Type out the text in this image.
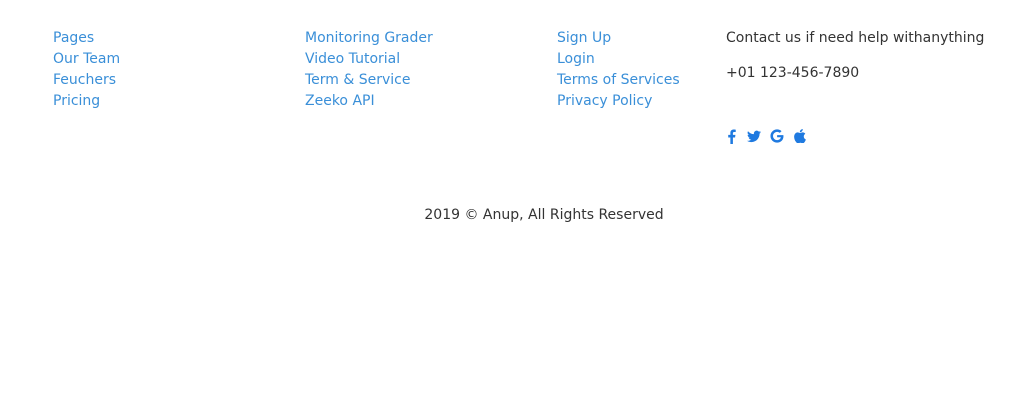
Pages
Our Team
Feuchers
Pricing
Monitoring Grader
Video Tutorial
Term & Service
Zeeko API
Sign Up
Login
Terms of Services
Privacy Policy
Contact us if need help withanything
+01 123-456-7890
2019 © Anup, All Rights Reserved
